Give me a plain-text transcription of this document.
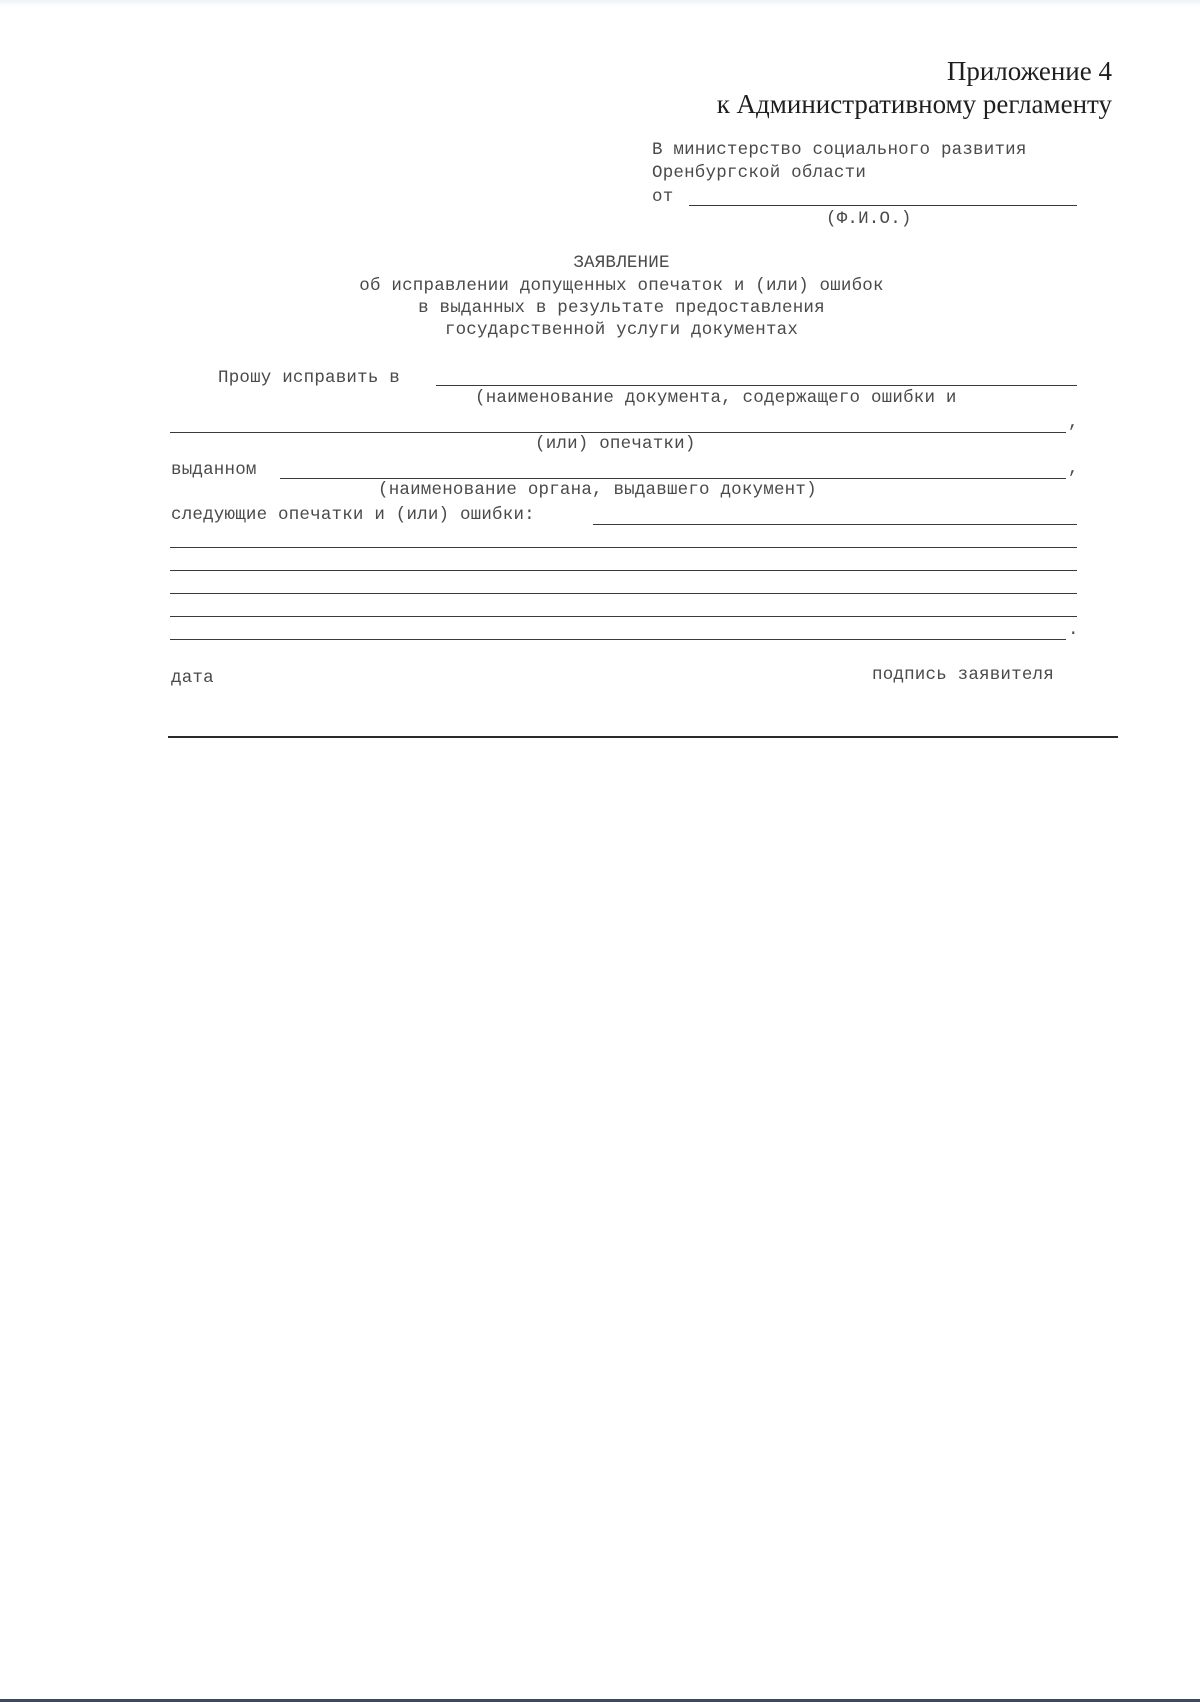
Приложение 4
к Административному регламенту
В министерство социального развития
Оренбургской области
от
(Ф.И.О.)
ЗАЯВЛЕНИЕ
об исправлении допущенных опечаток и (или) ошибок
в выданных в результате предоставления
государственной услуги документах
Прошу исправить в
(наименование документа, содержащего ошибки и
,
(или) опечатки)
выданном	,
(наименование органа, выдавшего документ)
следующие опечатки и (или) ошибки:
.
дата	подпись заявителя
